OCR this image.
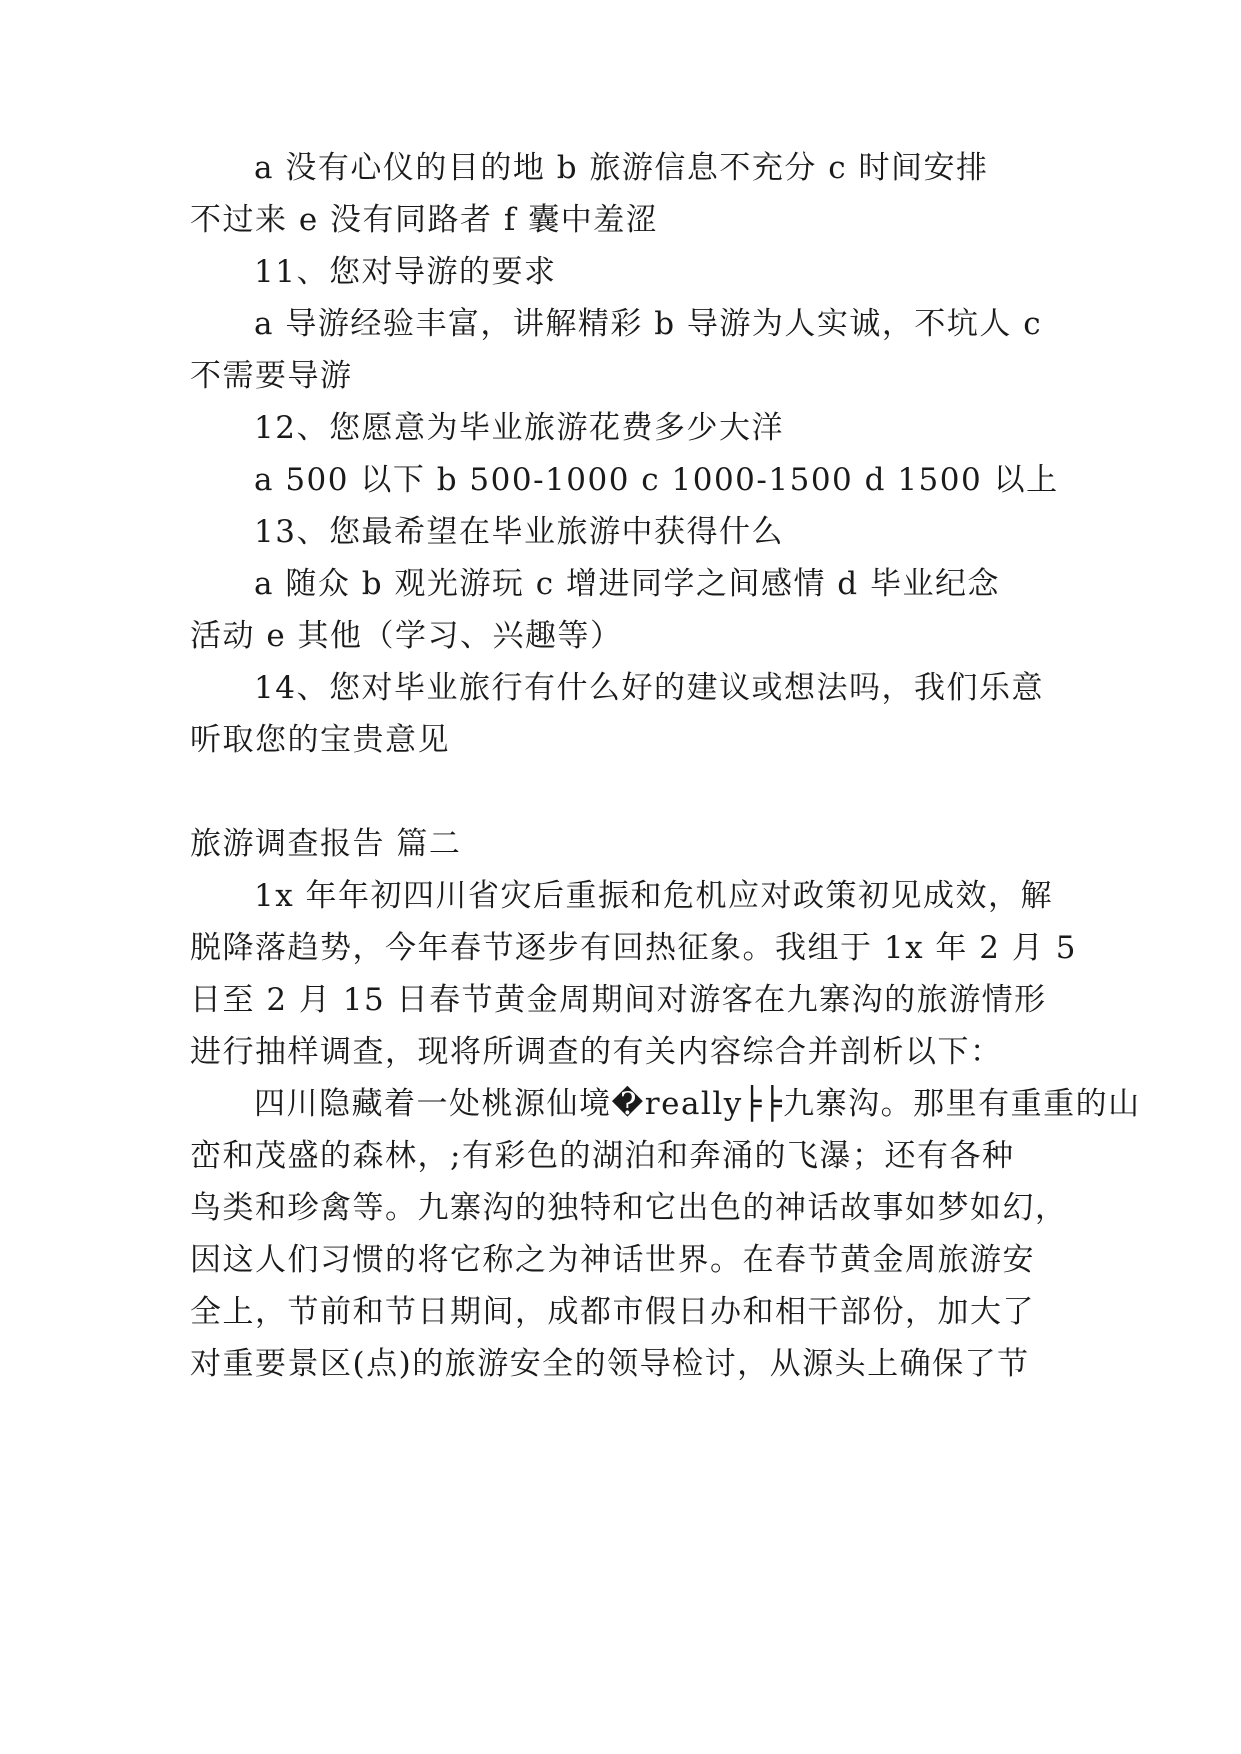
a 没有心仪的目的地 b 旅游信息不充分 c 时间安排
不过来 e 没有同路者 f 囊中羞涩
11、您对导游的要求
a 导游经验丰富，讲解精彩 b 导游为人实诚，不坑人 c
不需要导游
12、您愿意为毕业旅游花费多少大洋
a 500 以下 b 500-1000 c 1000-1500 d 1500 以上
13、您最希望在毕业旅游中获得什么
a 随众 b 观光游玩 c 增进同学之间感情 d 毕业纪念
活动 e 其他（学习、兴趣等）
14、您对毕业旅行有什么好的建议或想法吗，我们乐意
听取您的宝贵意见
旅游调查报告 篇二
1x 年年初四川省灾后重振和危机应对政策初见成效，解
脱降落趋势，今年春节逐步有回热征象。我组于 1x 年 2 月 5
日至 2 月 15 日春节黄金周期间对游客在九寨沟的旅游情形
进行抽样调查，现将所调查的有关内容综合并剖析以下：
四川隐藏着一处桃源仙境�really╞╞九寨沟。那里有重重的山
峦和茂盛的森林，;有彩色的湖泊和奔涌的飞瀑；还有各种
鸟类和珍禽等。九寨沟的独特和它出色的神话故事如梦如幻，
因这人们习惯的将它称之为神话世界。在春节黄金周旅游安
全上，节前和节日期间，成都市假日办和相干部份，加大了
对重要景区(点)的旅游安全的领导检讨，从源头上确保了节
